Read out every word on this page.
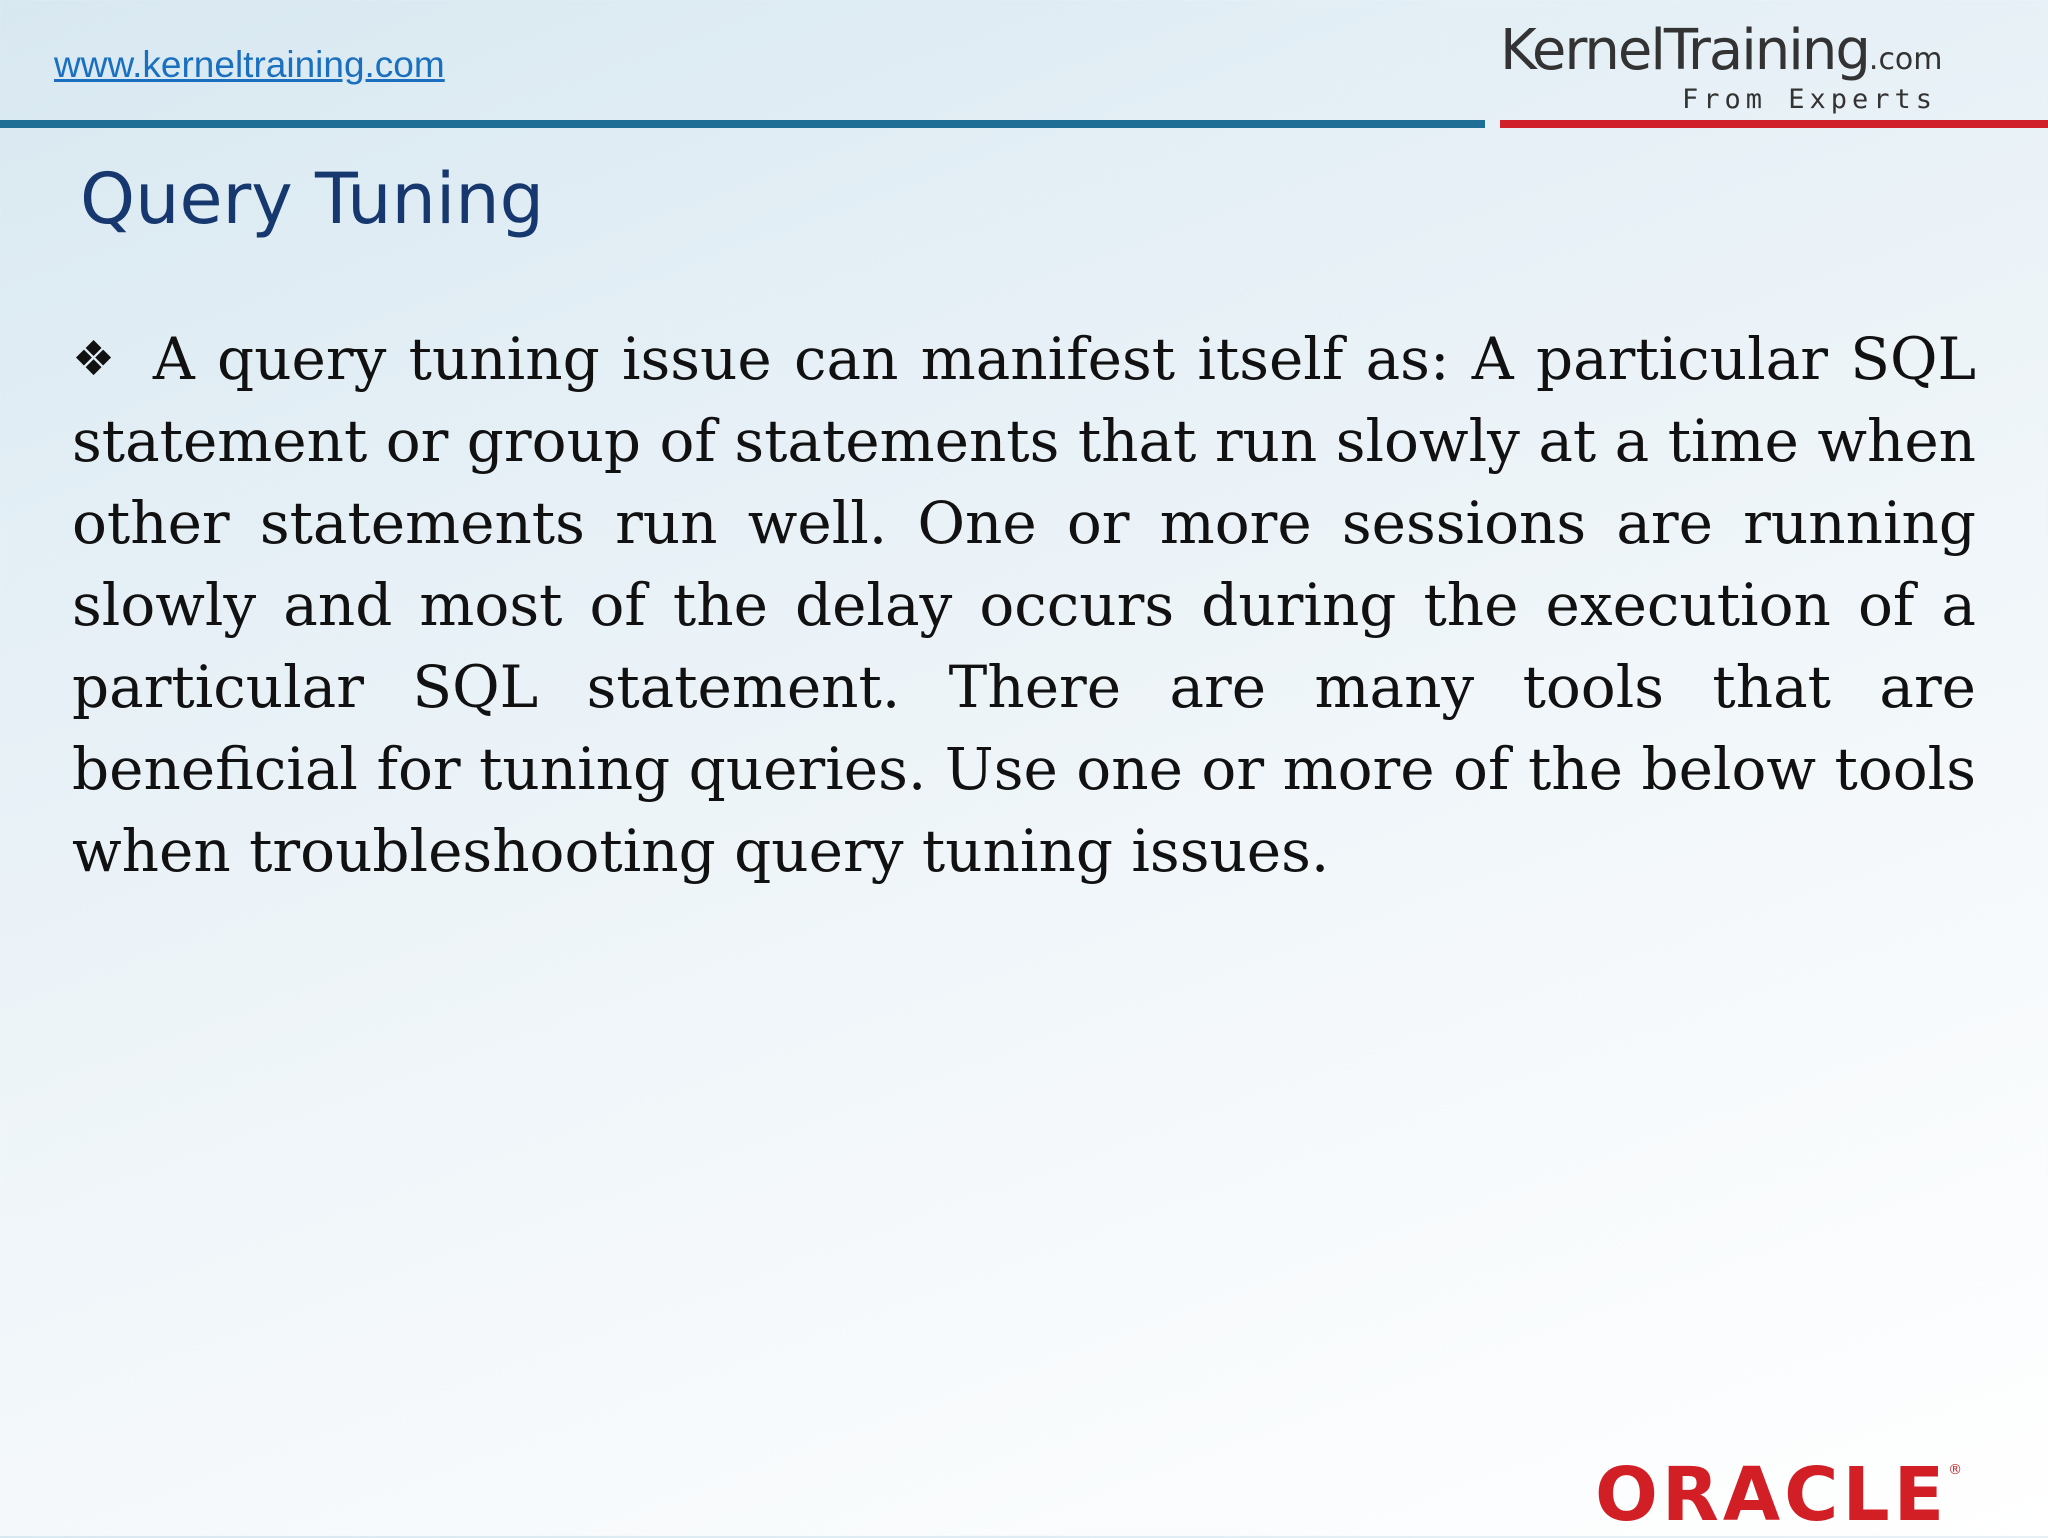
www.kerneltraining.com	KernelTraining.com
From Experts
Query Tuning

❖ A query tuning issue can manifest itself as: A particular SQL statement or group of statements that run slowly at a time when other statements run well. One or more sessions are running slowly and most of the delay occurs during the execution of a particular SQL statement. There are many tools that are beneficial for tuning queries. Use one or more of the below tools when troubleshooting query tuning issues.

ORACLE®
